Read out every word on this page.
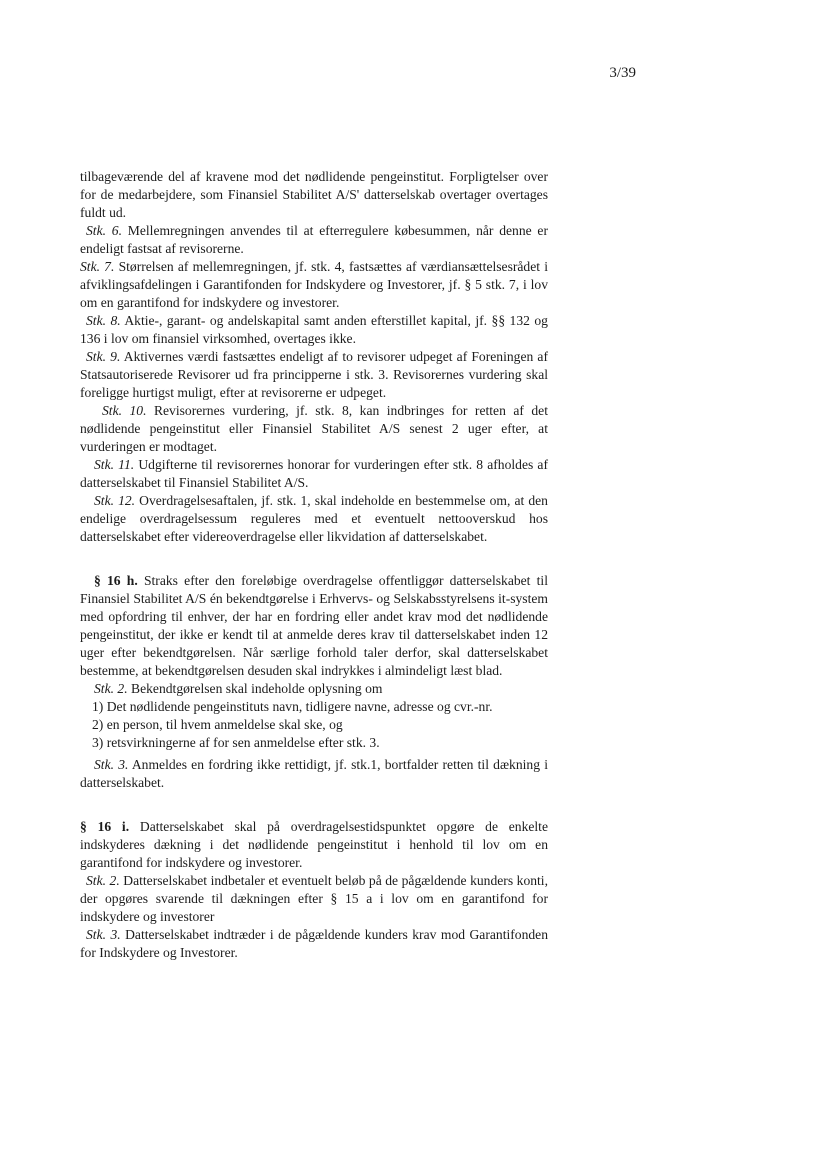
3/39

tilbageværende del af kravene mod det nødlidende pengeinstitut. Forpligtelser over for de medarbejdere, som Finansiel Stabilitet A/S' datterselskab overtager overtages fuldt ud.

Stk. 6. Mellemregningen anvendes til at efterregulere købesummen, når denne er endeligt fastsat af revisorerne.

Stk. 7. Størrelsen af mellemregningen, jf. stk. 4, fastsættes af værdiansættelsesrådet i afviklingsafdelingen i Garantifonden for Indskydere og Investorer, jf. § 5 stk. 7, i lov om en garantifond for indskydere og investorer.

Stk. 8. Aktie-, garant- og andelskapital samt anden efterstillet kapital, jf. §§ 132 og 136 i lov om finansiel virksomhed, overtages ikke.

Stk. 9. Aktivernes værdi fastsættes endeligt af to revisorer udpeget af Foreningen af Statsautoriserede Revisorer ud fra principperne i stk. 3. Revisorernes vurdering skal foreligge hurtigst muligt, efter at revisorerne er udpeget.

Stk. 10. Revisorernes vurdering, jf. stk. 8, kan indbringes for retten af det nødlidende pengeinstitut eller Finansiel Stabilitet A/S senest 2 uger efter, at vurderingen er modtaget.

Stk. 11. Udgifterne til revisorernes honorar for vurderingen efter stk. 8 afholdes af datterselskabet til Finansiel Stabilitet A/S.

Stk. 12. Overdragelsesaftalen, jf. stk. 1, skal indeholde en bestemmelse om, at den endelige overdragelsessum reguleres med et eventuelt nettooverskud hos datterselskabet efter videreoverdragelse eller likvidation af datterselskabet.

§ 16 h. Straks efter den foreløbige overdragelse offentliggør datterselskabet til Finansiel Stabilitet A/S én bekendtgørelse i Erhvervs- og Selskabsstyrelsens it-system med opfordring til enhver, der har en fordring eller andet krav mod det nødlidende pengeinstitut, der ikke er kendt til at anmelde deres krav til datterselskabet inden 12 uger efter bekendtgørelsen. Når særlige forhold taler derfor, skal datterselskabet bestemme, at bekendtgørelsen desuden skal indrykkes i almindeligt læst blad.

Stk. 2. Bekendtgørelsen skal indeholde oplysning om

1) Det nødlidende pengeinstituts navn, tidligere navne, adresse og cvr.-nr.

2) en person, til hvem anmeldelse skal ske, og

3) retsvirkningerne af for sen anmeldelse efter stk. 3.

Stk. 3. Anmeldes en fordring ikke rettidigt, jf. stk.1, bortfalder retten til dækning i datterselskabet.

§ 16 i. Datterselskabet skal på overdragelsestidspunktet opgøre de enkelte indskyderes dækning i det nødlidende pengeinstitut i henhold til lov om en garantifond for indskydere og investorer.

Stk. 2. Datterselskabet indbetaler et eventuelt beløb på de pågældende kunders konti, der opgøres svarende til dækningen efter § 15 a i lov om en garantifond for indskydere og investorer

Stk. 3. Datterselskabet indtræder i de pågældende kunders krav mod Garantifonden for Indskydere og Investorer.
